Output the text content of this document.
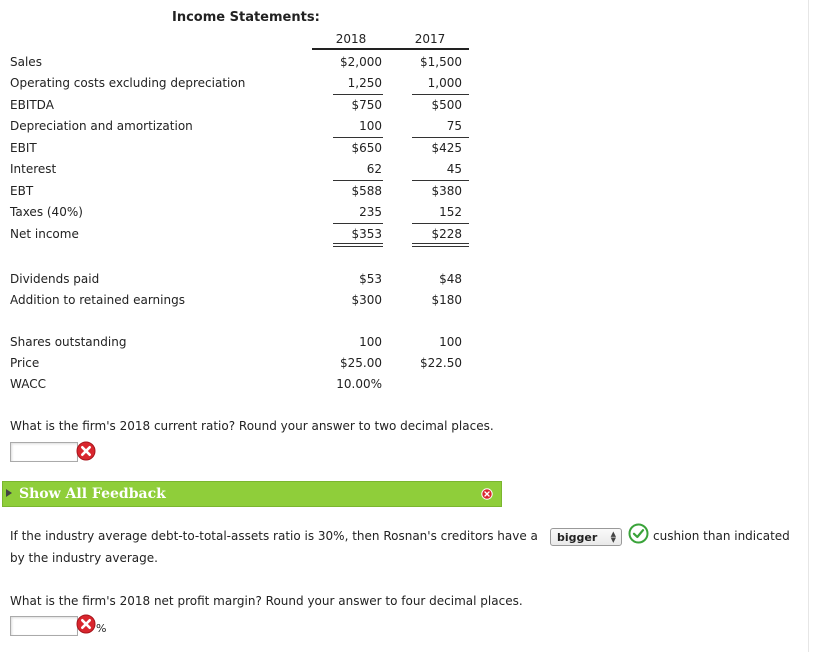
Income Statements:
2018	2017
Sales	$2,000	$1,500
Operating costs excluding depreciation	1,250	1,000
EBITDA	$750	$500
Depreciation and amortization	100	75
EBIT	$650	$425
Interest	62	45
EBT	$588	$380
Taxes (40%)	235	152
Net income	$353	$228
Dividends paid	$53	$48
Addition to retained earnings	$300	$180
Shares outstanding	100	100
Price	$25.00	$22.50
WACC	10.00%
What is the firm's 2018 current ratio? Round your answer to two decimal places.
Show All Feedback
If the industry average debt-to-total-assets ratio is 30%, then Rosnan's creditors have a bigger ▲
▼	cushion than indicated
by the industry average.
What is the firm's 2018 net profit margin? Round your answer to four decimal places.
%
